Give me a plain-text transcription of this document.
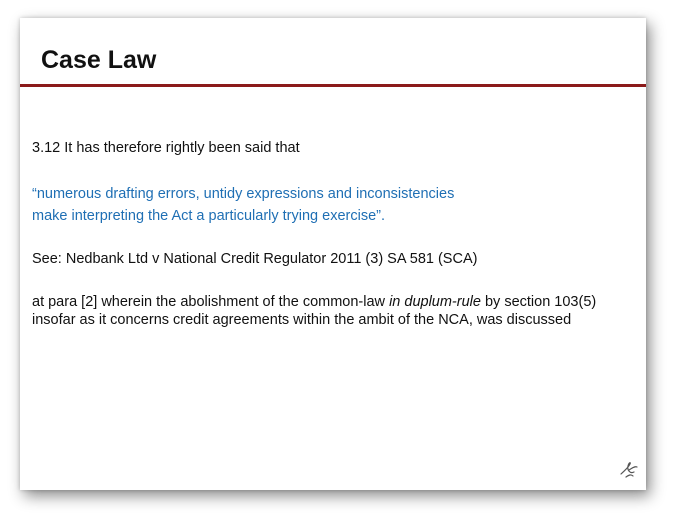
Case Law

3.12 It has therefore rightly been said that

“numerous drafting errors, untidy expressions and inconsistencies
make interpreting the Act a particularly trying exercise”.

See: Nedbank Ltd v National Credit Regulator 2011 (3) SA 581 (SCA)

at para [2] wherein the abolishment of the common-law in duplum-rule by section 103(5) insofar as it concerns credit agreements within the ambit of the NCA, was discussed
